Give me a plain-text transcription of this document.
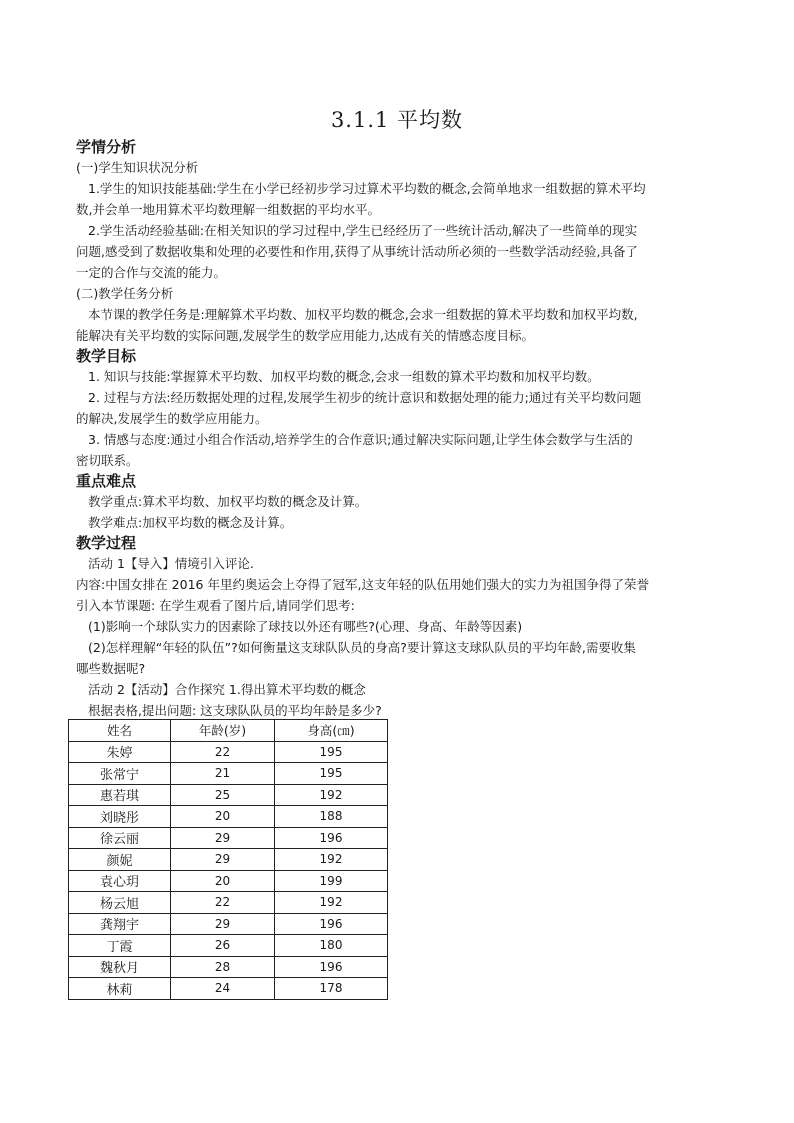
3.1.1 平均数

学情分析

(一)学生知识状况分析

1.学生的知识技能基础:学生在小学已经初步学习过算术平均数的概念,会简单地求一组数据的算术平均

数,并会单一地用算术平均数理解一组数据的平均水平。

2.学生活动经验基础:在相关知识的学习过程中,学生已经经历了一些统计活动,解决了一些简单的现实

问题,感受到了数据收集和处理的必要性和作用,获得了从事统计活动所必须的一些数学活动经验,具备了

一定的合作与交流的能力。

(二)教学任务分析

本节课的教学任务是:理解算术平均数、加权平均数的概念,会求一组数据的算术平均数和加权平均数,

能解决有关平均数的实际问题,发展学生的数学应用能力,达成有关的情感态度目标。

教学目标

1. 知识与技能:掌握算术平均数、加权平均数的概念,会求一组数的算术平均数和加权平均数。

2. 过程与方法:经历数据处理的过程,发展学生初步的统计意识和数据处理的能力;通过有关平均数问题

的解决,发展学生的数学应用能力。

3. 情感与态度:通过小组合作活动,培养学生的合作意识;通过解决实际问题,让学生体会数学与生活的

密切联系。

重点难点

教学重点:算术平均数、加权平均数的概念及计算。

教学难点:加权平均数的概念及计算。

教学过程

活动 1【导入】情境引入评论.

内容:中国女排在 2016 年里约奥运会上夺得了冠军,这支年轻的队伍用她们强大的实力为祖国争得了荣誉

引入本节课题: 在学生观看了图片后,请同学们思考:

(1)影响一个球队实力的因素除了球技以外还有哪些?(心理、身高、年龄等因素)

(2)怎样理解“年轻的队伍”?如何衡量这支球队队员的身高?要计算这支球队队员的平均年龄,需要收集

哪些数据呢?

活动 2【活动】合作探究 1.得出算术平均数的概念

根据表格,提出问题: 这支球队队员的平均年龄是多少?

姓名	年龄(岁)	身高(㎝)
朱婷	22	195
张常宁	21	195
惠若琪	25	192
刘晓彤	20	188
徐云丽	29	196
颜妮	29	192
袁心玥	20	199
杨云旭	22	192
龚翔宇	29	196
丁霞	26	180
魏秋月	28	196
林莉	24	178
